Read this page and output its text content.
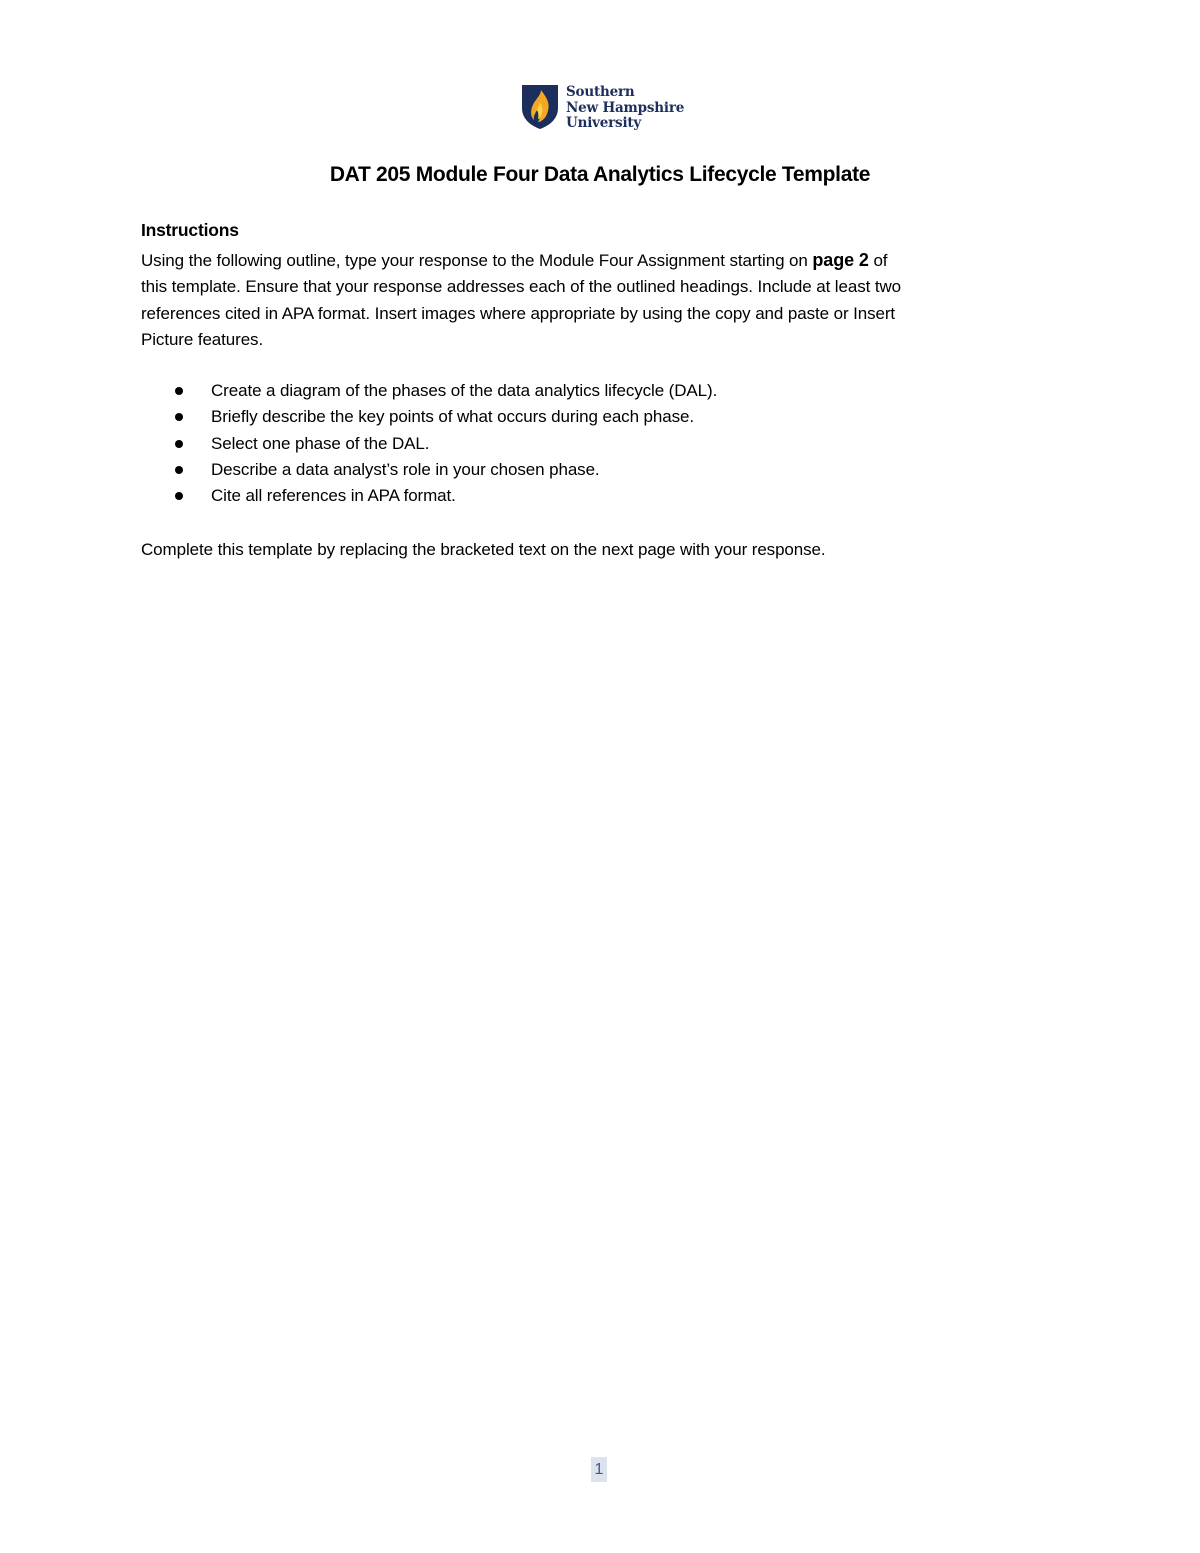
Southern
New Hampshire
University
DAT 205 Module Four Data Analytics Lifecycle Template
Instructions

Using the following outline, type your response to the Module Four Assignment starting on page 2 of
this template. Ensure that your response addresses each of the outlined headings. Include at least two
references cited in APA format. Insert images where appropriate by using the copy and paste or Insert
Picture features.

Create a diagram of the phases of the data analytics lifecycle (DAL).
Briefly describe the key points of what occurs during each phase.
Select one phase of the DAL.
Describe a data analyst’s role in your chosen phase.
Cite all references in APA format.

Complete this template by replacing the bracketed text on the next page with your response.

1
